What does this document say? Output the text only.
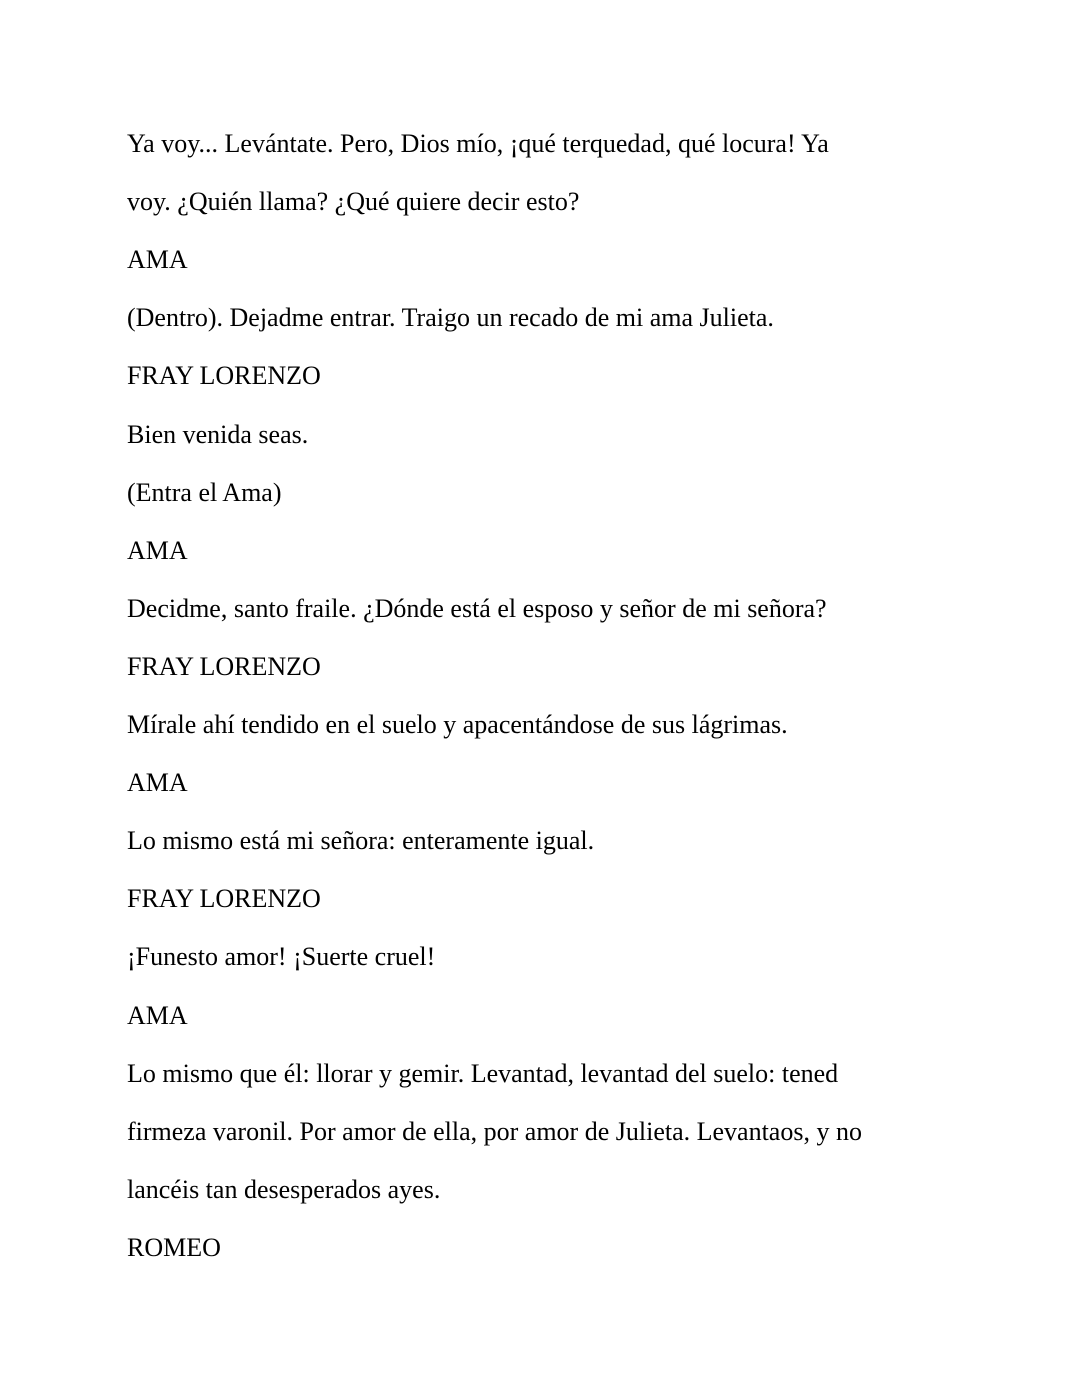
Ya voy... Levántate. Pero, Dios mío, ¡qué terquedad, qué locura! Ya
voy. ¿Quién llama? ¿Qué quiere decir esto?
AMA
(Dentro). Dejadme entrar. Traigo un recado de mi ama Julieta.
FRAY LORENZO
Bien venida seas.
(Entra el Ama)
AMA
Decidme, santo fraile. ¿Dónde está el esposo y señor de mi señora?
FRAY LORENZO
Mírale ahí tendido en el suelo y apacentándose de sus lágrimas.
AMA
Lo mismo está mi señora: enteramente igual.
FRAY LORENZO
¡Funesto amor! ¡Suerte cruel!
AMA
Lo mismo que él: llorar y gemir. Levantad, levantad del suelo: tened
firmeza varonil. Por amor de ella, por amor de Julieta. Levantaos, y no
lancéis tan desesperados ayes.
ROMEO
